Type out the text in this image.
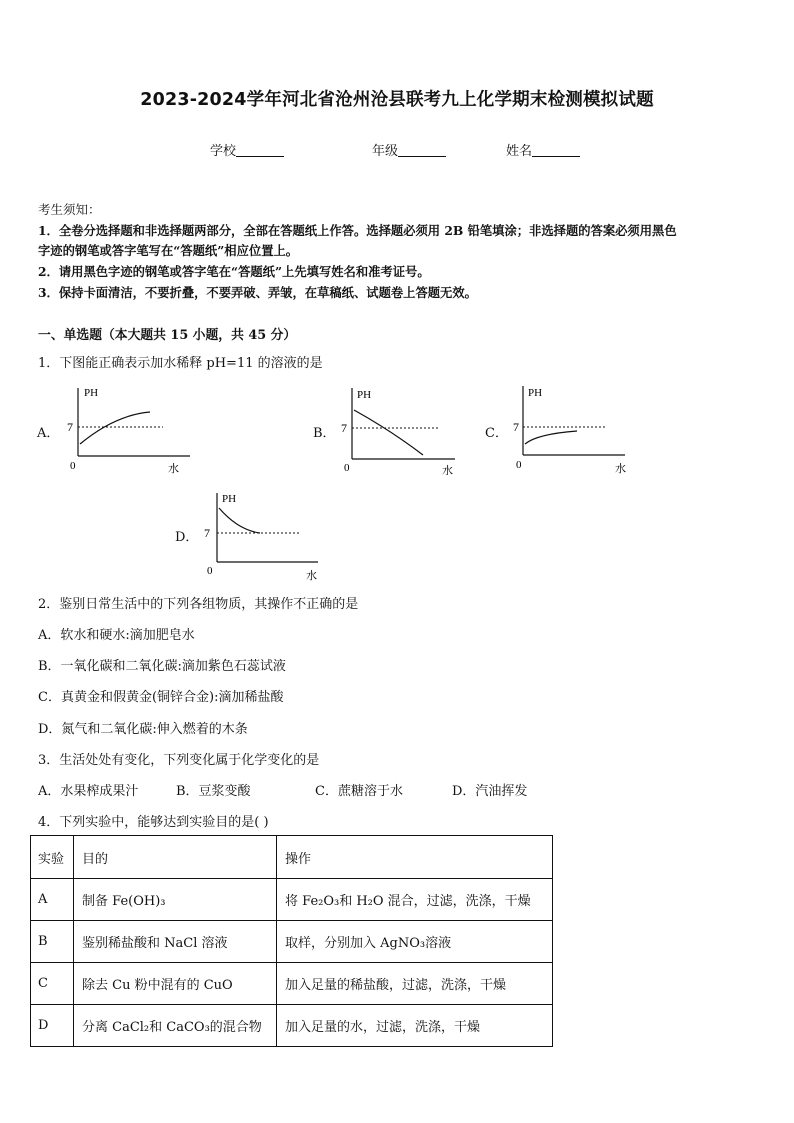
2023-2024学年河北省沧州沧县联考九上化学期末检测模拟试题
学校	年级	姓名
考生须知：
1．全卷分选择题和非选择题两部分，全部在答题纸上作答。选择题必须用 2B 铅笔填涂；非选择题的答案必须用黑色
字迹的钢笔或答字笔写在“答题纸”相应位置上。
2．请用黑色字迹的钢笔或答字笔在“答题纸”上先填写姓名和准考证号。
3．保持卡面清洁，不要折叠，不要弄破、弄皱，在草稿纸、试题卷上答题无效。
一、单选题（本大题共 15 小题，共 45 分）
1．下图能正确表示加水稀释 pH=11 的溶液的是
A．
PH
7
0	水
B．
PH
7
0	水
C．
PH
7
0	水
D．
PH
7
0	水
2．鉴别日常生活中的下列各组物质，其操作不正确的是
A．软水和硬水:滴加肥皂水
B．一氧化碳和二氧化碳:滴加紫色石蕊试液
C．真黄金和假黄金(铜锌合金):滴加稀盐酸
D．氮气和二氧化碳:伸入燃着的木条
3．生活处处有变化，下列变化属于化学变化的是
A．水果榨成果汁	B．豆浆变酸	C．蔗糖溶于水	D．汽油挥发
4．下列实验中，能够达到实验目的是( )
实验	目的	操作
A	制备 Fe(OH)₃	将 Fe₂O₃和 H₂O 混合，过滤，洗涤，干燥
B	鉴别稀盐酸和 NaCl 溶液	取样，分别加入 AgNO₃溶液
C	除去 Cu 粉中混有的 CuO	加入足量的稀盐酸，过滤，洗涤，干燥
D	分离 CaCl₂和 CaCO₃的混合物	加入足量的水，过滤，洗涤，干燥
